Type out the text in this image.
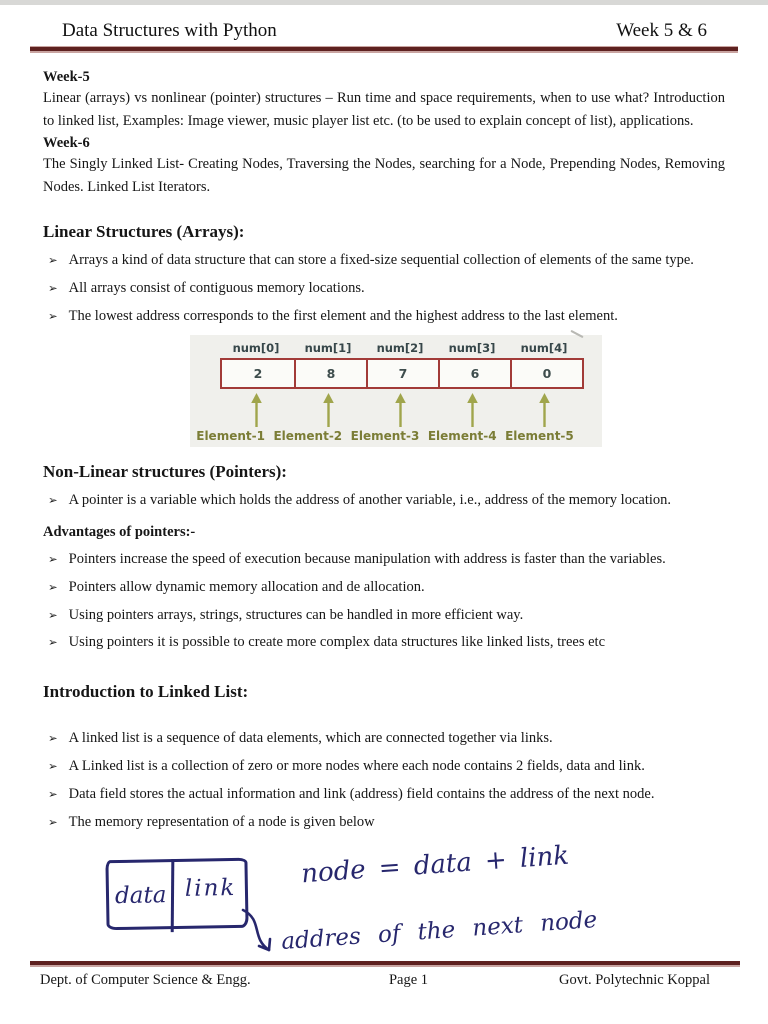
Data Structures with Python	Week 5 & 6
Week-5

Linear (arrays) vs nonlinear (pointer) structures – Run time and space requirements, when to use what? Introduction to linked list, Examples: Image viewer, music player list etc. (to be used to explain concept of list), applications.

Week-6

The Singly Linked List- Creating Nodes, Traversing the Nodes, searching for a Node, Prepending Nodes, Removing Nodes. Linked List Iterators.

Linear Structures (Arrays):
➢ Arrays a kind of data structure that can store a fixed-size sequential collection of elements of the same type.
➢ All arrays consist of contiguous memory locations.
➢ The lowest address corresponds to the first element and the highest address to the last element.
num[0]	num[1]	num[2]	num[3]	num[4]
2	8	7	6	0
Element-1 Element-2 Element-3 Element-4 Element-5
Non-Linear structures (Pointers):
➢ A pointer is a variable which holds the address of another variable, i.e., address of the memory location.
Advantages of pointers:-
➢ Pointers increase the speed of execution because manipulation with address is faster than the variables.
➢ Pointers allow dynamic memory allocation and de allocation.
➢ Using pointers arrays, strings, structures can be handled in more efficient way.
➢ Using pointers it is possible to create more complex data structures like linked lists, trees etc
Introduction to Linked List:
➢ A linked list is a sequence of data elements, which are connected together via links.
➢ A Linked list is a collection of zero or more nodes where each node contains 2 fields, data and link.
➢ Data field stores the actual information and link (address) field contains the address of the next node.
➢ The memory representation of a node is given below
data link node = data + link
addres of the next node
Dept. of Computer Science & Engg.	Page 1	Govt. Polytechnic Koppal
